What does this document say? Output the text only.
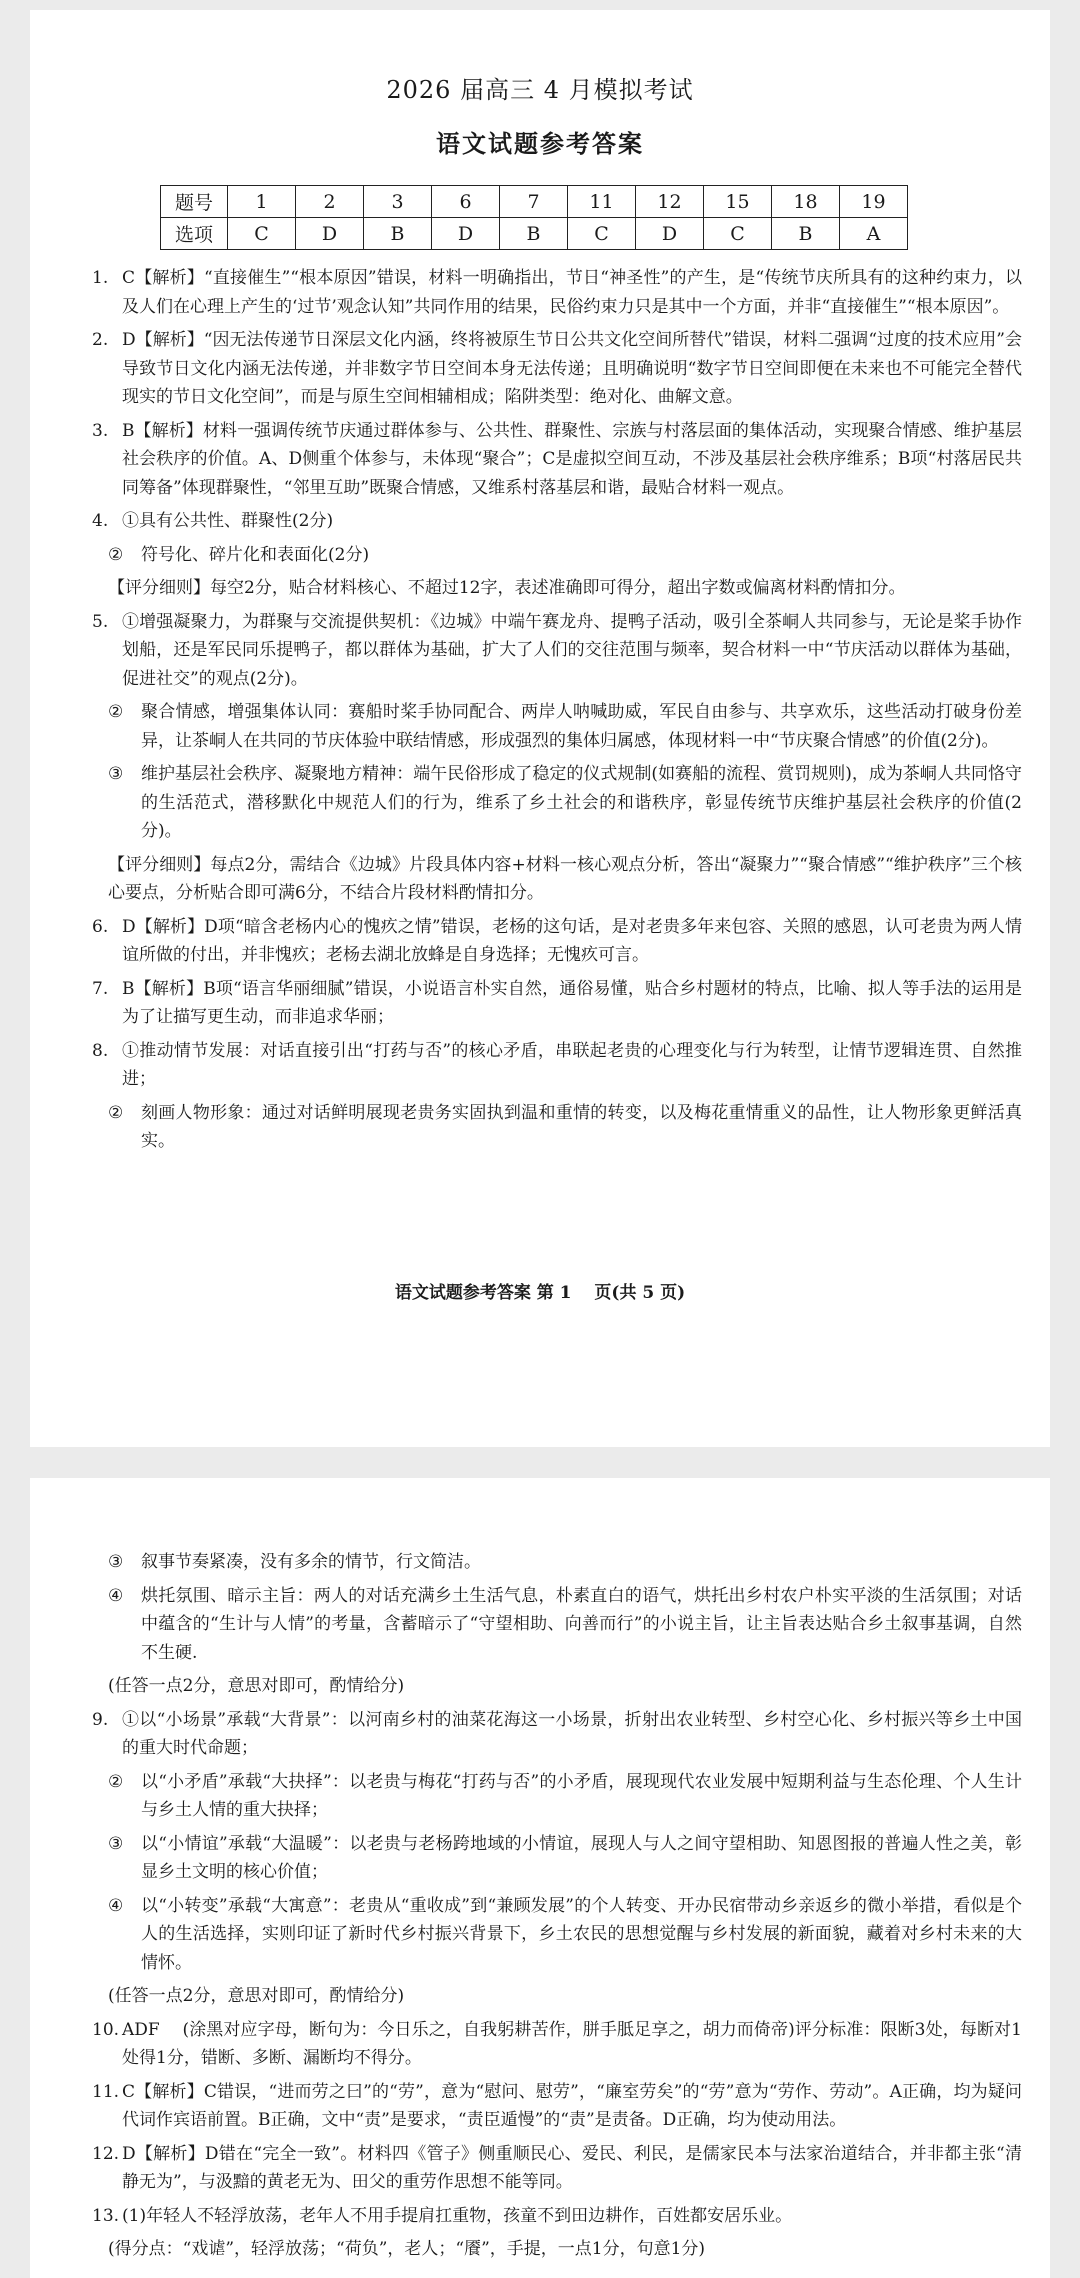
2026 届高三 4 月模拟考试
语文试题参考答案
题号	1	2	3	6	7	11	12	15	18	19
选项	C	D	B	D	B	C	D	C	B	A
1. C【解析】“直接催生”“根本原因”错误，材料一明确指出，节日“神圣性”的产生，是“传统节庆所具有的这种约束力，以及人们在心理上产生的‘过节’观念认知”共同作用的结果，民俗约束力只是其中一个方面，并非“直接催生”“根本原因”。
2. D【解析】“因无法传递节日深层文化内涵，终将被原生节日公共文化空间所替代”错误，材料二强调“过度的技术应用”会导致节日文化内涵无法传递，并非数字节日空间本身无法传递；且明确说明“数字节日空间即便在未来也不可能完全替代现实的节日文化空间”，而是与原生空间相辅相成；陷阱类型：绝对化、曲解文意。
3. B【解析】材料一强调传统节庆通过群体参与、公共性、群聚性、宗族与村落层面的集体活动，实现聚合情感、维护基层社会秩序的价值。A、D侧重个体参与，未体现“聚合”；C是虚拟空间互动，不涉及基层社会秩序维系；B项“村落居民共同筹备”体现群聚性，“邻里互助”既聚合情感，又维系村落基层和谐，最贴合材料一观点。
4. ①具有公共性、群聚性(2分)
② 符号化、碎片化和表面化(2分)
【评分细则】每空2分，贴合材料核心、不超过12字，表述准确即可得分，超出字数或偏离材料酌情扣分。
5. ①增强凝聚力，为群聚与交流提供契机：《边城》中端午赛龙舟、提鸭子活动，吸引全茶峒人共同参与，无论是桨手协作划船，还是军民同乐提鸭子，都以群体为基础，扩大了人们的交往范围与频率，契合材料一中“节庆活动以群体为基础，促进社交”的观点(2分)。
② 聚合情感，增强集体认同：赛船时桨手协同配合、两岸人呐喊助威，军民自由参与、共享欢乐，这些活动打破身份差异，让茶峒人在共同的节庆体验中联结情感，形成强烈的集体归属感，体现材料一中“节庆聚合情感”的价值(2分)。
③ 维护基层社会秩序、凝聚地方精神：端午民俗形成了稳定的仪式规制(如赛船的流程、赏罚规则)，成为茶峒人共同恪守的生活范式，潜移默化中规范人们的行为，维系了乡土社会的和谐秩序，彰显传统节庆维护基层社会秩序的价值(2分)。
【评分细则】每点2分，需结合《边城》片段具体内容+材料一核心观点分析，答出“凝聚力”“聚合情感”“维护秩序”三个核心要点，分析贴合即可满6分，不结合片段材料酌情扣分。
6. D【解析】D项“暗含老杨内心的愧疚之情”错误，老杨的这句话，是对老贵多年来包容、关照的感恩，认可老贵为两人情谊所做的付出，并非愧疚；老杨去湖北放蜂是自身选择；无愧疚可言。
7. B【解析】B项“语言华丽细腻”错误，小说语言朴实自然，通俗易懂，贴合乡村题材的特点，比喻、拟人等手法的运用是为了让描写更生动，而非追求华丽；
8. ①推动情节发展：对话直接引出“打药与否”的核心矛盾，串联起老贵的心理变化与行为转型，让情节逻辑连贯、自然推进；
② 刻画人物形象：通过对话鲜明展现老贵务实固执到温和重情的转变，以及梅花重情重义的品性，让人物形象更鲜活真实。
语文试题参考答案 第 1　 页(共 5 页)
③ 叙事节奏紧凑，没有多余的情节，行文简洁。
④ 烘托氛围、暗示主旨：两人的对话充满乡土生活气息，朴素直白的语气，烘托出乡村农户朴实平淡的生活氛围；对话中蕴含的“生计与人情”的考量，含蓄暗示了“守望相助、向善而行”的小说主旨，让主旨表达贴合乡土叙事基调，自然不生硬.
(任答一点2分，意思对即可，酌情给分)
9. ①以“小场景”承载“大背景”：以河南乡村的油菜花海这一小场景，折射出农业转型、乡村空心化、乡村振兴等乡土中国的重大时代命题；
② 以“小矛盾”承载“大抉择”：以老贵与梅花“打药与否”的小矛盾，展现现代农业发展中短期利益与生态伦理、个人生计与乡土人情的重大抉择；
③ 以“小情谊”承载“大温暖”：以老贵与老杨跨地域的小情谊，展现人与人之间守望相助、知恩图报的普遍人性之美，彰显乡土文明的核心价值；
④ 以“小转变”承载“大寓意”：老贵从“重收成”到“兼顾发展”的个人转变、开办民宿带动乡亲返乡的微小举措，看似是个人的生活选择，实则印证了新时代乡村振兴背景下，乡土农民的思想觉醒与乡村发展的新面貌，藏着对乡村未来的大情怀。
(任答一点2分，意思对即可，酌情给分)
10. ADF　 (涂黑对应字母，断句为：今日乐之，自我躬耕苦作，胼手胝足享之，胡力而倚帝)评分标准：限断3处，每断对1处得1分，错断、多断、漏断均不得分。
11. C【解析】C错误，“进而劳之曰”的“劳”，意为“慰问、慰劳”，“廉室劳矣”的“劳”意为“劳作、劳动”。A正确，均为疑问代词作宾语前置。B正确，文中“责”是要求，“责臣遁慢”的“责”是责备。D正确，均为使动用法。
12. D【解析】D错在“完全一致”。材料四《管子》侧重顺民心、爱民、利民，是儒家民本与法家治道结合，并非都主张“清静无为”，与汲黯的黄老无为、田父的重劳作思想不能等同。
13. (1)年轻人不轻浮放荡，老年人不用手提肩扛重物，孩童不到田边耕作，百姓都安居乐业。
(得分点：“戏谑”，轻浮放荡；“荷负”，老人；“餍”，手提，一点1分，句意1分)
